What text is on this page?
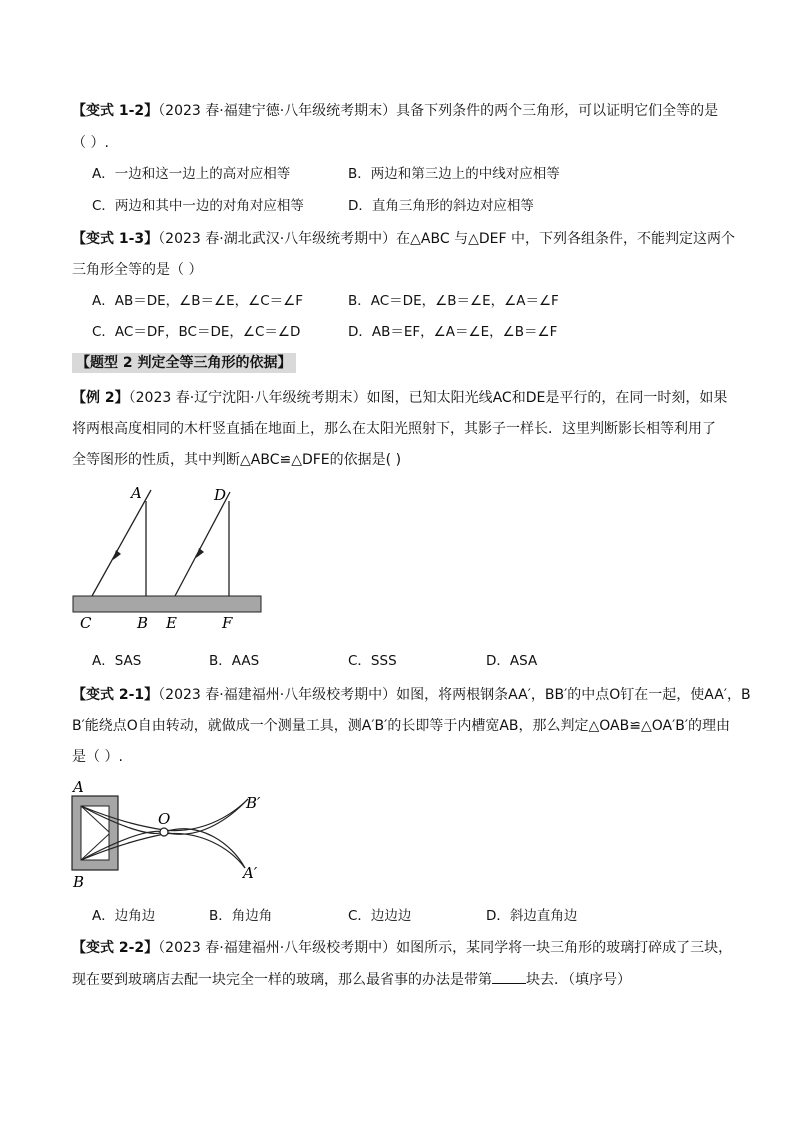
【变式 1-2】（2023 春·福建宁德·八年级统考期末）具备下列条件的两个三角形，可以证明它们全等的是
（ ）.
A．一边和这一边上的高对应相等	B．两边和第三边上的中线对应相等
C．两边和其中一边的对角对应相等	D．直角三角形的斜边对应相等
【变式 1-3】（2023 春·湖北武汉·八年级统考期中）在△ABC 与△DEF 中，下列各组条件，不能判定这两个
三角形全等的是（ ）
A．AB＝DE，∠B＝∠E，∠C＝∠F	B．AC＝DE，∠B＝∠E，∠A＝∠F
C．AC＝DF，BC＝DE，∠C＝∠D	D．AB＝EF，∠A＝∠E，∠B＝∠F
【题型 2 判定全等三角形的依据】
【例 2】（2023 春·辽宁沈阳·八年级统考期末）如图，已知太阳光线AC和DE是平行的，在同一时刻，如果
将两根高度相同的木杆竖直插在地面上，那么在太阳光照射下，其影子一样长．这里判断影长相等利用了
全等图形的性质，其中判断△ABC≌△DFE的依据是( )
A	D
C	B E	F
A．SAS	B．AAS	C．SSS	D．ASA
【变式 2-1】（2023 春·福建福州·八年级校考期中）如图，将两根钢条AA′，BB′的中点O钉在一起，使AA′，B
B′能绕点O自由转动，就做成一个测量工具，测A′B′的长即等于内槽宽AB，那么判定△OAB≌△OA′B′的理由
是（ ）.
A
B
O
B′
A′
A．边角边	B．角边角	C．边边边	D．斜边直角边
【变式 2-2】（2023 春·福建福州·八年级校考期中）如图所示，某同学将一块三角形的玻璃打碎成了三块，
现在要到玻璃店去配一块完全一样的玻璃，那么最省事的办法是带第 块去．（填序号）
